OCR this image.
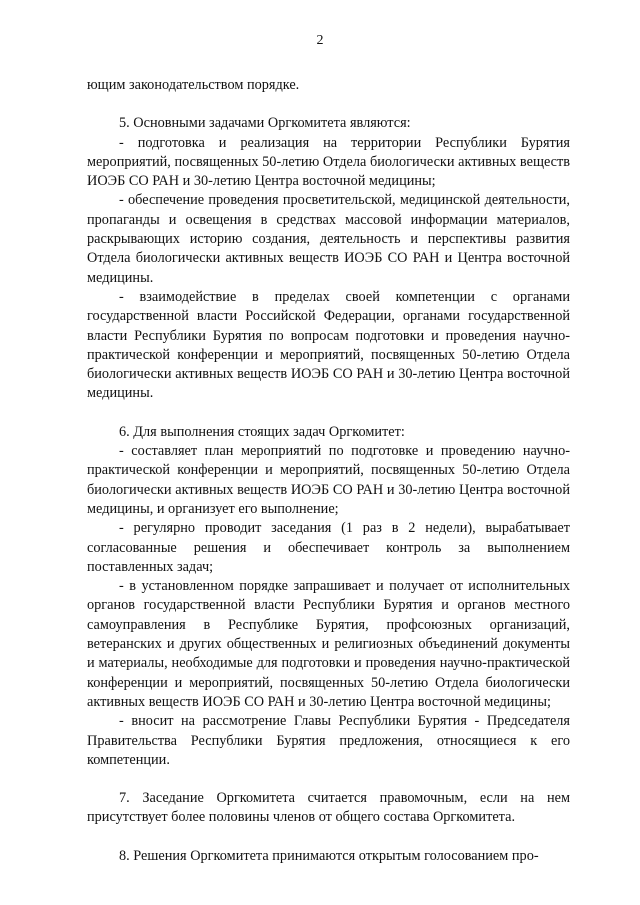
2

ющим законодательством порядке.

5. Основными задачами Оргкомитета являются:

- подготовка и реализация на территории Республики Бурятия мероприятий, посвященных 50-летию Отдела биологически активных веществ ИОЭБ СО РАН и 30-летию Центра восточной медицины;

- обеспечение проведения просветительской, медицинской деятельности, пропаганды и освещения в средствах массовой информации материалов, раскрывающих историю создания, деятельность и перспективы развития Отдела биологически активных веществ ИОЭБ СО РАН и Центра восточной медицины.

- взаимодействие в пределах своей компетенции с органами государственной власти Российской Федерации, органами государственной власти Республики Бурятия по вопросам подготовки и проведения научно-практической конференции и мероприятий, посвященных 50-летию Отдела биологически активных веществ ИОЭБ СО РАН и 30-летию Центра восточной медицины.

6. Для выполнения стоящих задач Оргкомитет:

- составляет план мероприятий по подготовке и проведению научно-практической конференции и мероприятий, посвященных 50-летию Отдела биологически активных веществ ИОЭБ СО РАН и 30-летию Центра восточной медицины, и организует его выполнение;

- регулярно проводит заседания (1 раз в 2 недели), вырабатывает согласованные решения и обеспечивает контроль за выполнением поставленных задач;

- в установленном порядке запрашивает и получает от исполнительных органов государственной власти Республики Бурятия и органов местного самоуправления в Республике Бурятия, профсоюзных организаций, ветеранских и других общественных и религиозных объединений документы и материалы, необходимые для подготовки и проведения научно-практической конференции и мероприятий, посвященных 50-летию Отдела биологически активных веществ ИОЭБ СО РАН и 30-летию Центра восточной медицины;

- вносит на рассмотрение Главы Республики Бурятия - Председателя Правительства Республики Бурятия предложения, относящиеся к его компетенции.

7. Заседание Оргкомитета считается правомочным, если на нем присутствует более половины членов от общего состава Оргкомитета.

8. Решения Оргкомитета принимаются открытым голосованием про-
